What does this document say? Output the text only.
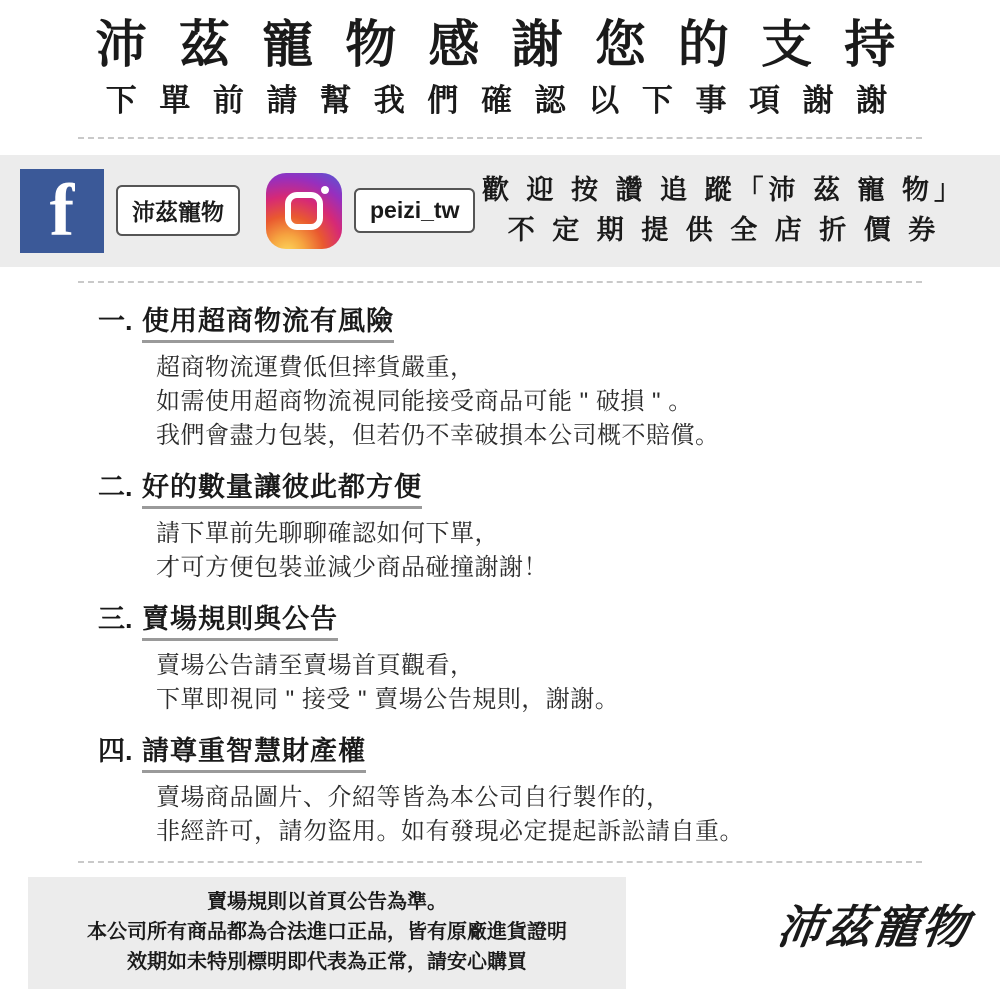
沛 茲 寵 物 感 謝 您 的 支 持
下 單 前 請 幫 我 們 確 認 以 下 事 項 謝 謝
f	沛茲寵物	peizi_tw
歡 迎 按 讚 追 蹤「沛 茲 寵 物」
不 定 期 提 供 全 店 折 價 券
一. 使用超商物流有風險
超商物流運費低但摔貨嚴重，
如需使用超商物流視同能接受商品可能 " 破損 " 。
我們會盡力包裝，但若仍不幸破損本公司概不賠償。
二. 好的數量讓彼此都方便
請下單前先聊聊確認如何下單，
才可方便包裝並減少商品碰撞謝謝！
三. 賣場規則與公告
賣場公告請至賣場首頁觀看，
下單即視同 " 接受 " 賣場公告規則，謝謝。
四. 請尊重智慧財產權
賣場商品圖片、介紹等皆為本公司自行製作的，
非經許可，請勿盜用。如有發現必定提起訴訟請自重。
賣場規則以首頁公告為準。
本公司所有商品都為合法進口正品，皆有原廠進貨證明
效期如未特別標明即代表為正常，請安心購買
沛茲寵物
